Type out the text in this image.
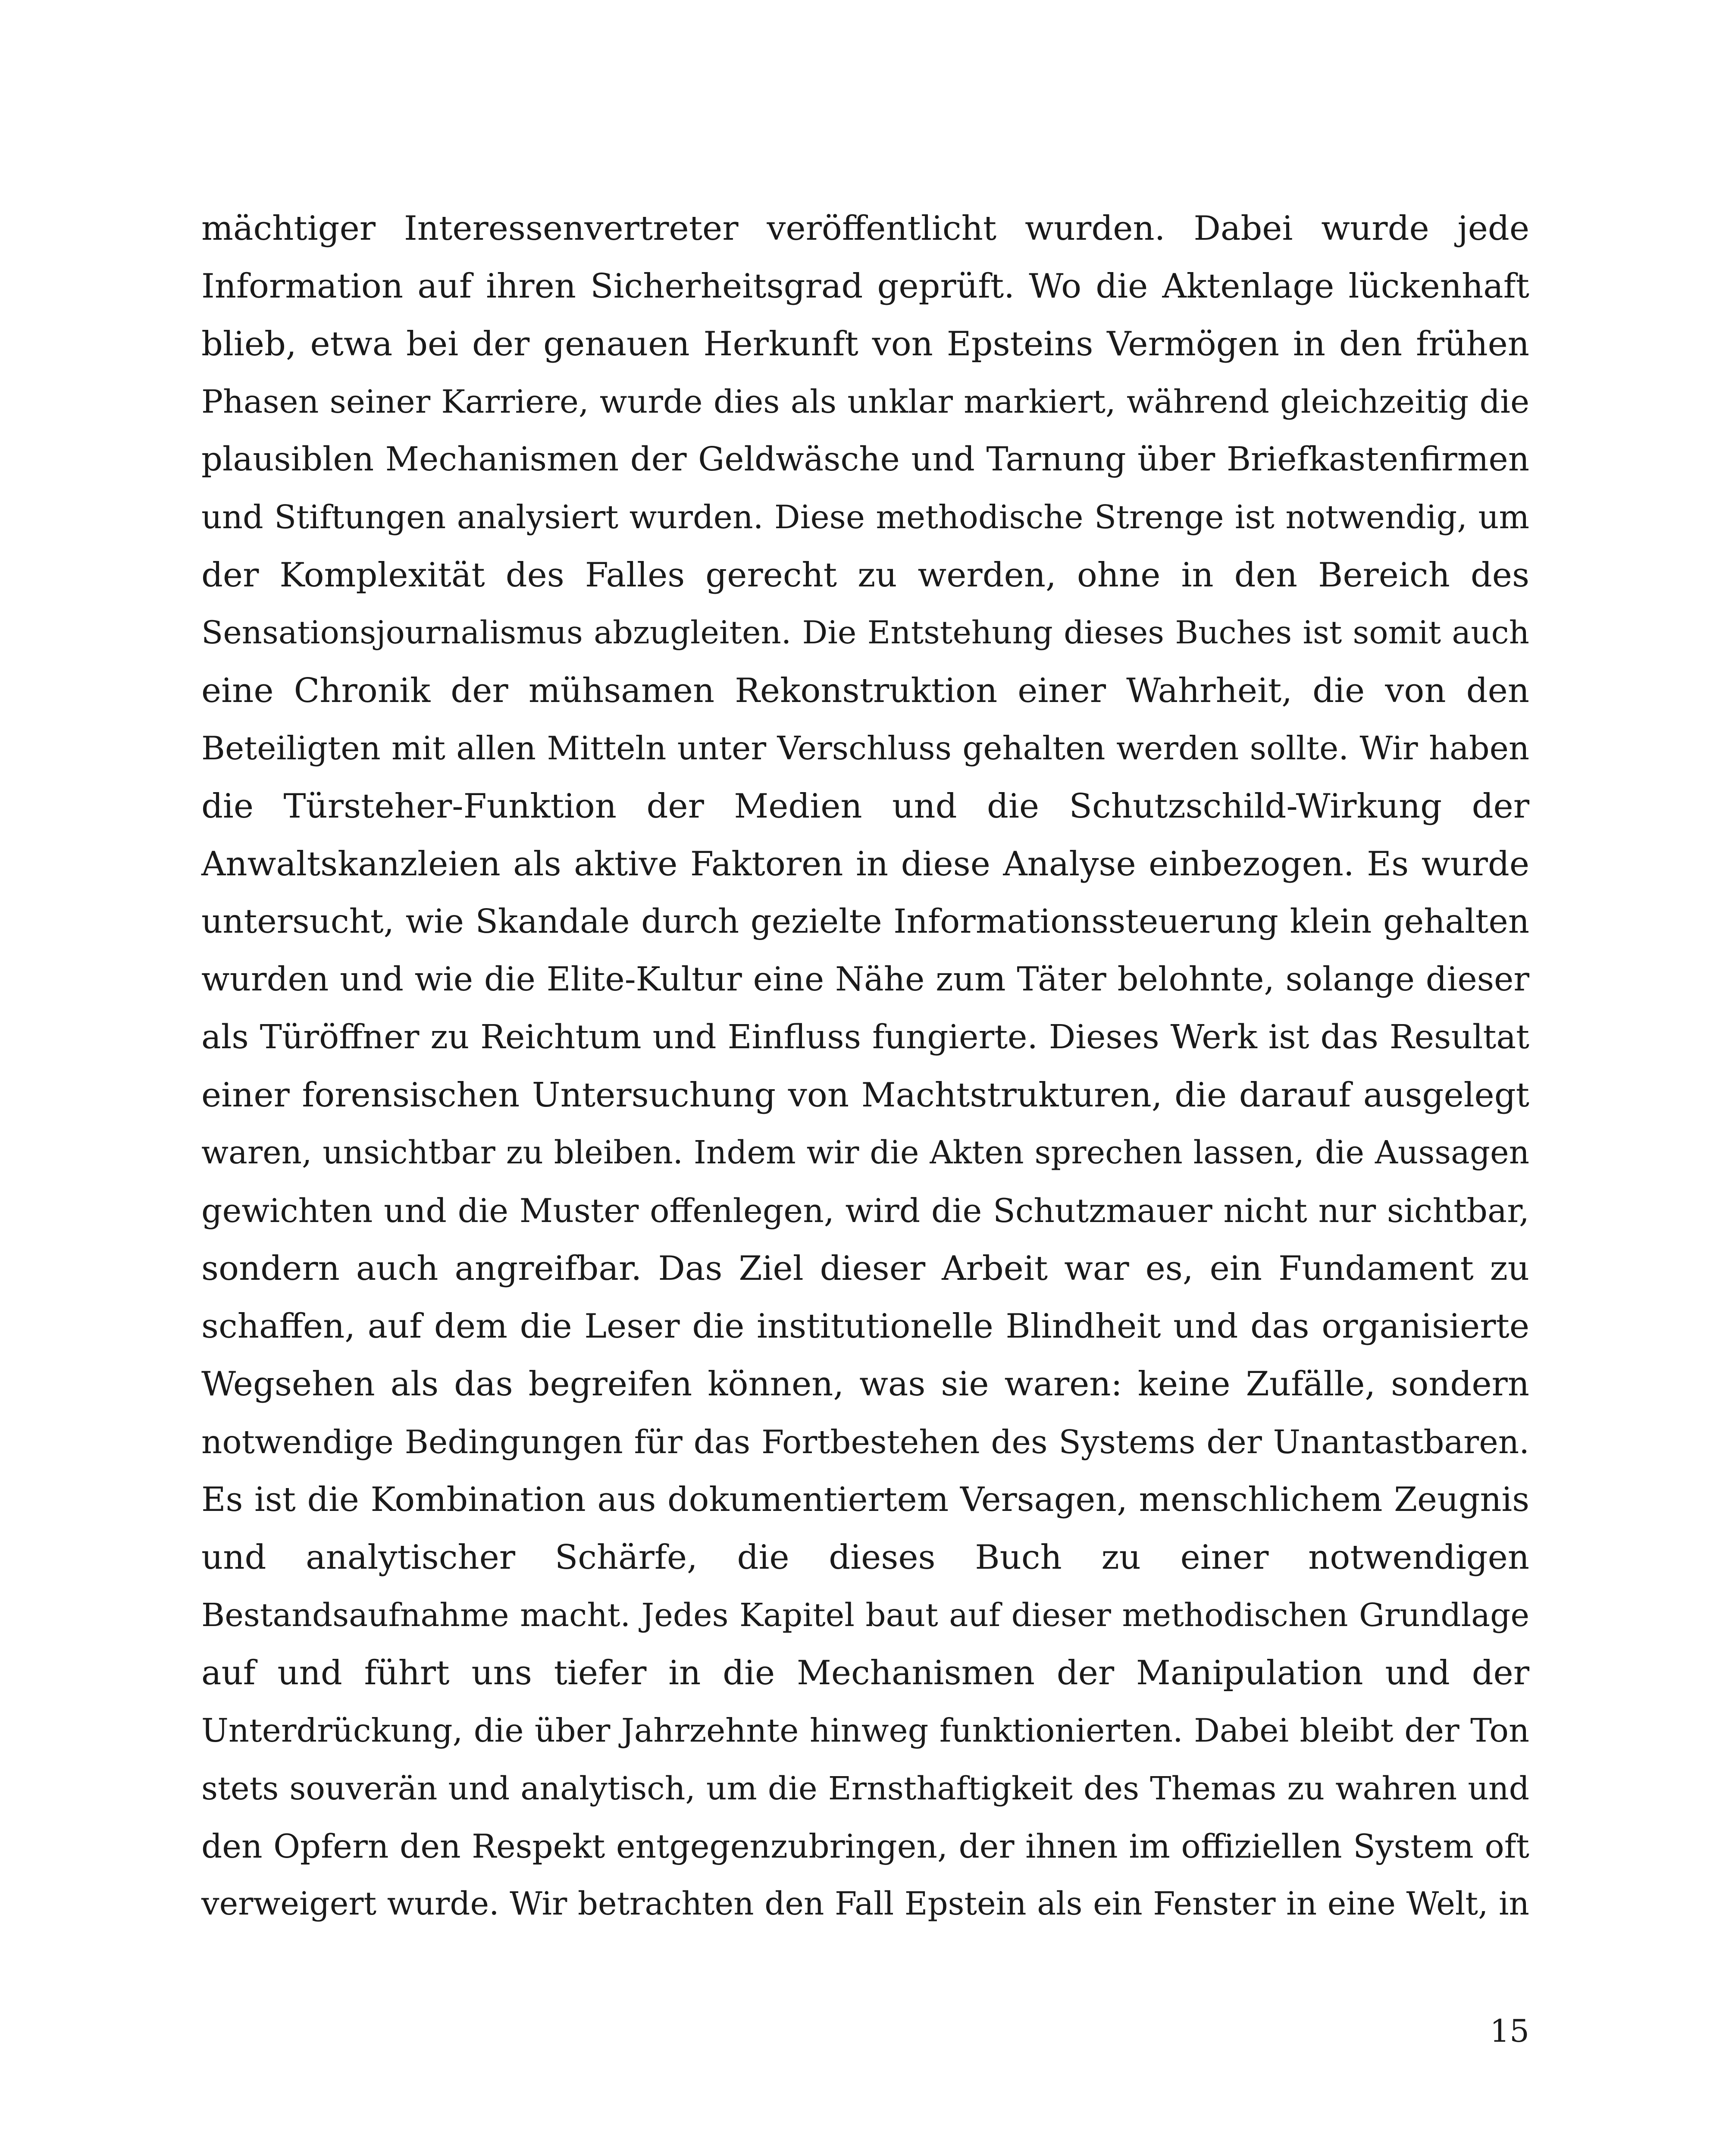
mächtiger Interessenvertreter veröffentlicht wurden. Dabei wurde jede
Information auf ihren Sicherheitsgrad geprüft. Wo die Aktenlage lückenhaft
blieb, etwa bei der genauen Herkunft von Epsteins Vermögen in den frühen
Phasen seiner Karriere, wurde dies als unklar markiert, während gleichzeitig die
plausiblen Mechanismen der Geldwäsche und Tarnung über Briefkastenfirmen
und Stiftungen analysiert wurden. Diese methodische Strenge ist notwendig, um
der Komplexität des Falles gerecht zu werden, ohne in den Bereich des
Sensationsjournalismus abzugleiten. Die Entstehung dieses Buches ist somit auch
eine Chronik der mühsamen Rekonstruktion einer Wahrheit, die von den
Beteiligten mit allen Mitteln unter Verschluss gehalten werden sollte. Wir haben
die Türsteher-Funktion der Medien und die Schutzschild-Wirkung der
Anwaltskanzleien als aktive Faktoren in diese Analyse einbezogen. Es wurde
untersucht, wie Skandale durch gezielte Informationssteuerung klein gehalten
wurden und wie die Elite-Kultur eine Nähe zum Täter belohnte, solange dieser
als Türöffner zu Reichtum und Einfluss fungierte. Dieses Werk ist das Resultat
einer forensischen Untersuchung von Machtstrukturen, die darauf ausgelegt
waren, unsichtbar zu bleiben. Indem wir die Akten sprechen lassen, die Aussagen
gewichten und die Muster offenlegen, wird die Schutzmauer nicht nur sichtbar,
sondern auch angreifbar. Das Ziel dieser Arbeit war es, ein Fundament zu
schaffen, auf dem die Leser die institutionelle Blindheit und das organisierte
Wegsehen als das begreifen können, was sie waren: keine Zufälle, sondern
notwendige Bedingungen für das Fortbestehen des Systems der Unantastbaren.
Es ist die Kombination aus dokumentiertem Versagen, menschlichem Zeugnis
und analytischer Schärfe, die dieses Buch zu einer notwendigen
Bestandsaufnahme macht. Jedes Kapitel baut auf dieser methodischen Grundlage
auf und führt uns tiefer in die Mechanismen der Manipulation und der
Unterdrückung, die über Jahrzehnte hinweg funktionierten. Dabei bleibt der Ton
stets souverän und analytisch, um die Ernsthaftigkeit des Themas zu wahren und
den Opfern den Respekt entgegenzubringen, der ihnen im offiziellen System oft
verweigert wurde. Wir betrachten den Fall Epstein als ein Fenster in eine Welt, in
15
